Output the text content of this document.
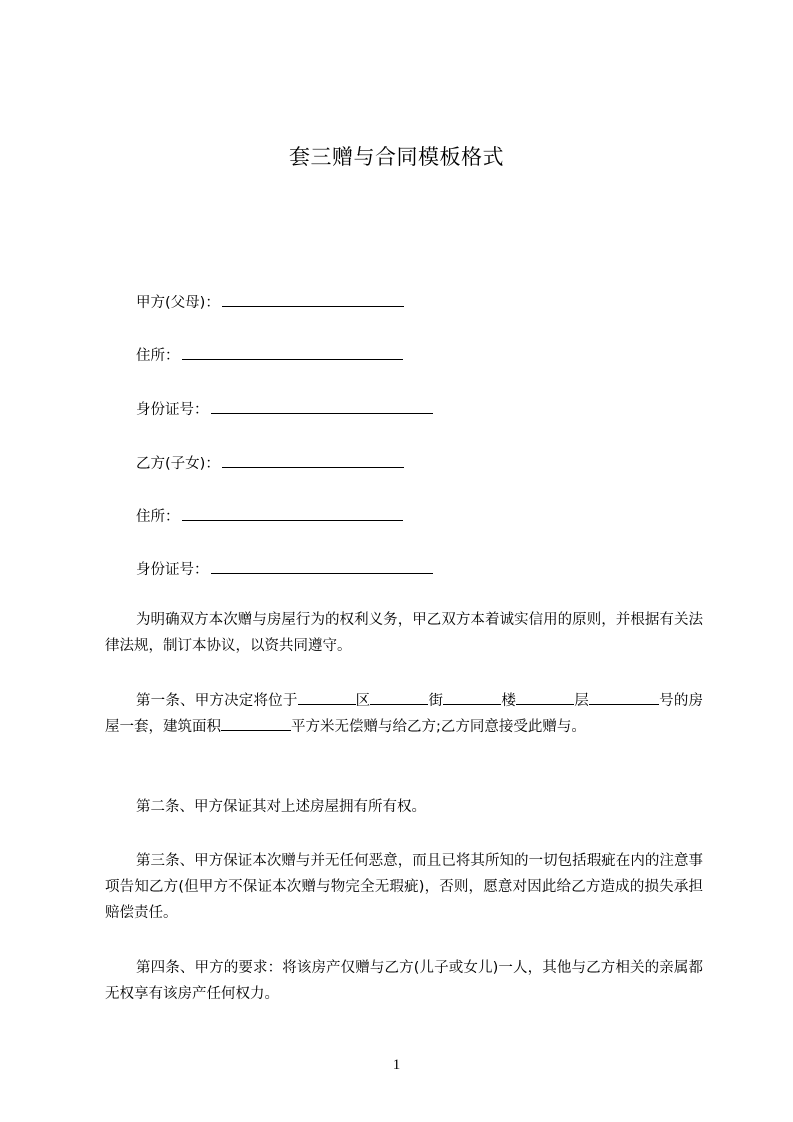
套三赠与合同模板格式
甲方(父母)：
住所：
身份证号：
乙方(子女)：
住所：
身份证号：
为明确双方本次赠与房屋行为的权利义务，甲乙双方本着诚实信用的原则，并根据有关法律法规，制订本协议，以资共同遵守。
第一条、甲方决定将位于	区	街	楼	层	号的房屋一套，建筑面积	平方米无偿赠与给乙方;乙方同意接受此赠与。
第二条、甲方保证其对上述房屋拥有所有权。
第三条、甲方保证本次赠与并无任何恶意，而且已将其所知的一切包括瑕疵在内的注意事项告知乙方(但甲方不保证本次赠与物完全无瑕疵)，否则，愿意对因此给乙方造成的损失承担赔偿责任。
第四条、甲方的要求：将该房产仅赠与乙方(儿子或女儿)一人，其他与乙方相关的亲属都无权享有该房产任何权力。
1
